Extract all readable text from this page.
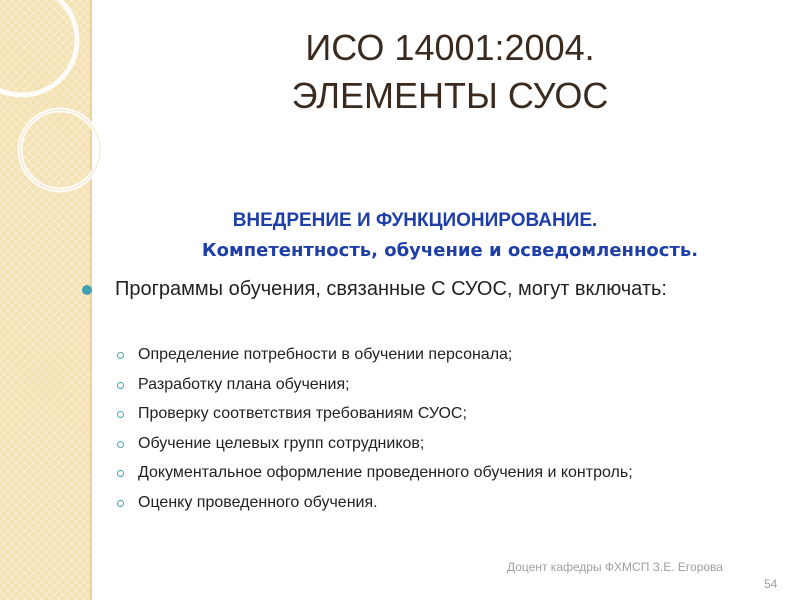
ИСО 14001:2004.
ЭЛЕМЕНТЫ СУОС
ВНЕДРЕНИЕ И ФУНКЦИОНИРОВАНИЕ.
Компетентность, обучение и осведомленность.
Программы обучения, связанные С СУОС, могут включать:
Определение потребности в обучении персонала;
Разработку плана обучения;
Проверку соответствия требованиям СУОС;
Обучение целевых групп сотрудников;
Документальное оформление проведенного обучения и контроль;
Оценку проведенного обучения.
Доцент кафедры ФХМСП З.Е. Егорова
54
